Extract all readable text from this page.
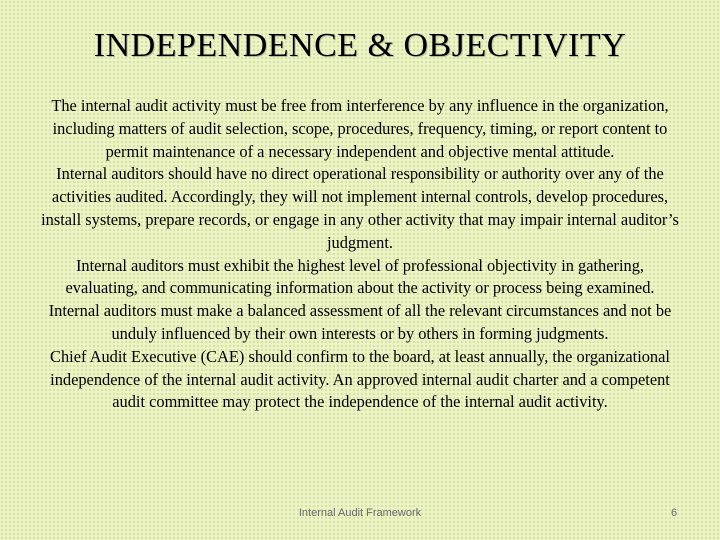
INDEPENDENCE & OBJECTIVITY

The internal audit activity must be free from interference by any influence in the organization, including matters of audit selection, scope, procedures, frequency, timing, or report content to permit maintenance of a necessary independent and objective mental attitude.

Internal auditors should have no direct operational responsibility or authority over any of the activities audited. Accordingly, they will not implement internal controls, develop procedures, install systems, prepare records, or engage in any other activity that may impair internal auditor’s judgment.

Internal auditors must exhibit the highest level of professional objectivity in gathering, evaluating, and communicating information about the activity or process being examined. Internal auditors must make a balanced assessment of all the relevant circumstances and not be unduly influenced by their own interests or by others in forming judgments.

Chief Audit Executive (CAE) should confirm to the board, at least annually, the organizational independence of the internal audit activity. An approved internal audit charter and a competent audit committee may protect the independence of the internal audit activity.

Internal Audit Framework	6
